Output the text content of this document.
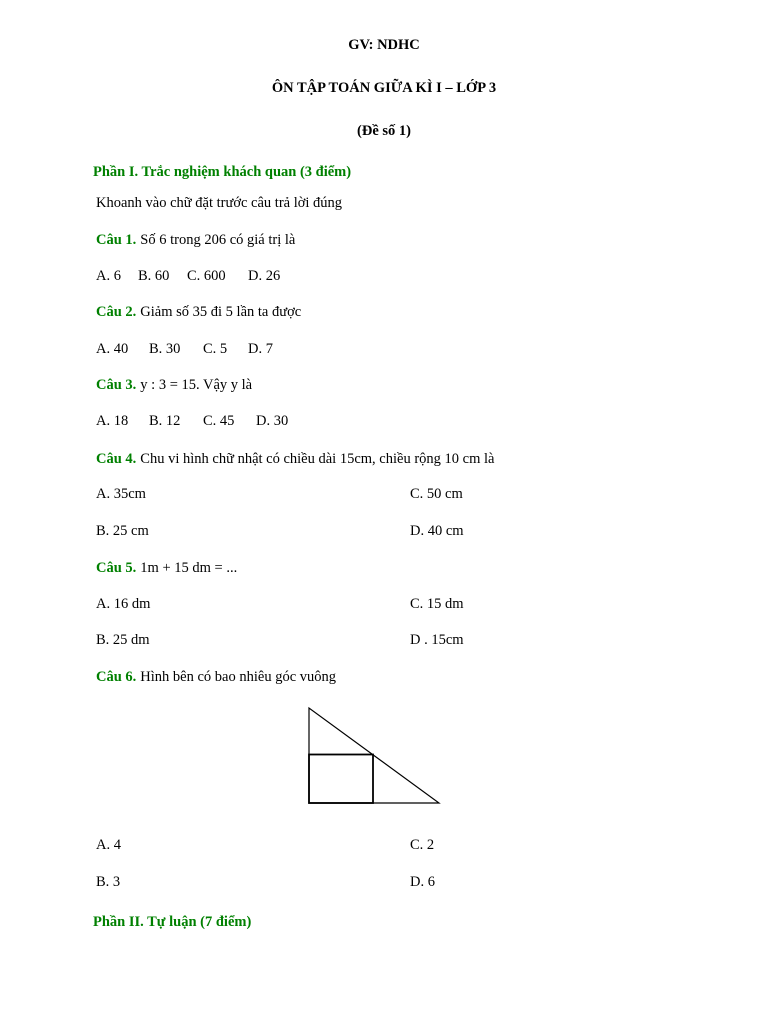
GV: NDHC
ÔN TẬP TOÁN GIỮA KÌ I – LỚP 3
(Đề số 1)
Phần I. Trắc nghiệm khách quan (3 điểm)
Khoanh vào chữ đặt trước câu trả lời đúng
Câu 1. Số 6 trong 206 có giá trị là
A. 6 B. 60 C. 600 D. 26
Câu 2. Giảm số 35 đi 5 lần ta được
A. 40 B. 30 C. 5 D. 7
Câu 3. y : 3 = 15. Vậy y là
A. 18 B. 12 C. 45 D. 30
Câu 4. Chu vi hình chữ nhật có chiều dài 15cm, chiều rộng 10 cm là
A. 35cm	C. 50 cm
B. 25 cm	D. 40 cm
Câu 5. 1m + 15 dm = ...
A. 16 dm	C. 15 dm
B. 25 dm	D . 15cm
Câu 6. Hình bên có bao nhiêu góc vuông
A. 4	C. 2
B. 3	D. 6
Phần II. Tự luận (7 điểm)
